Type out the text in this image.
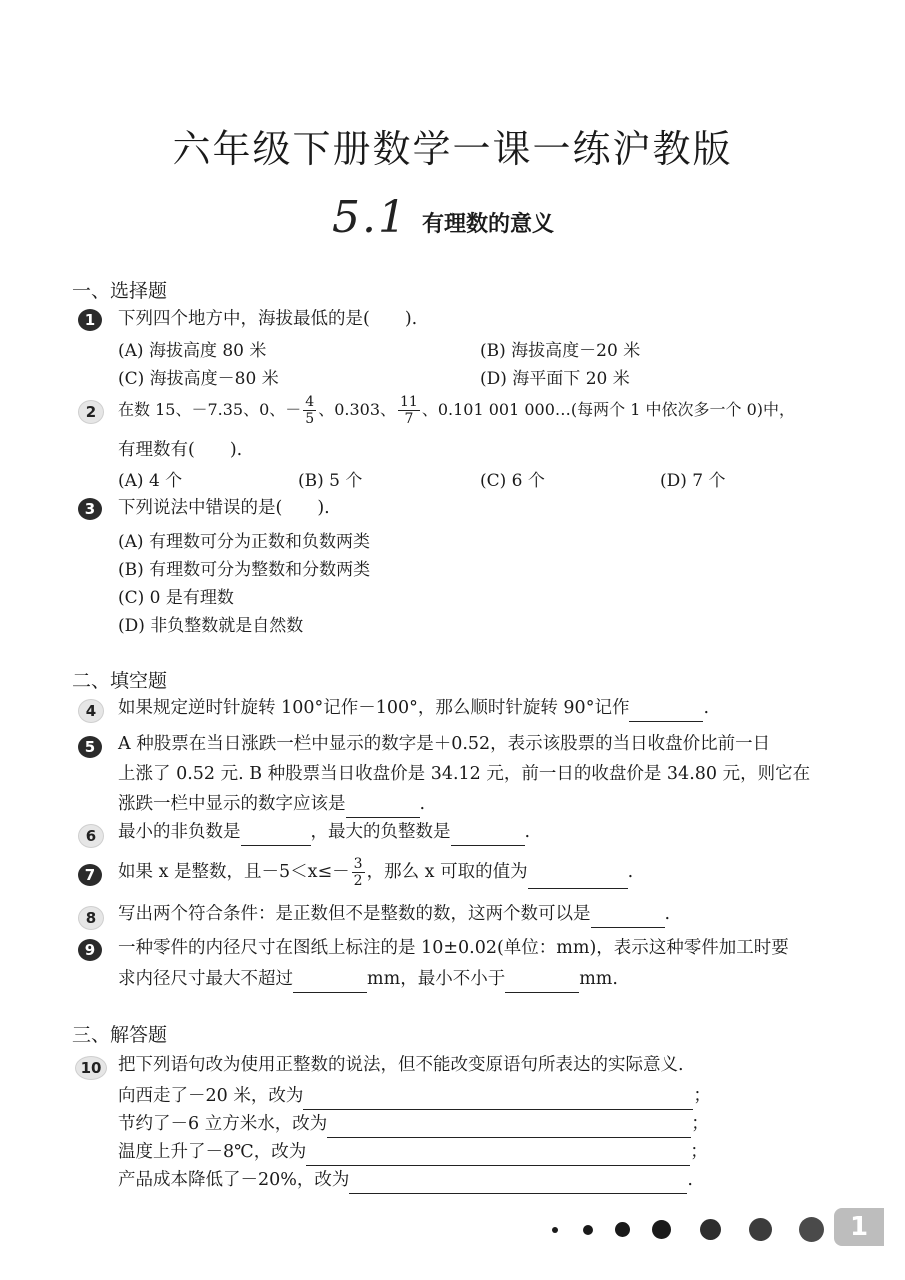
六年级下册数学一课一练沪教版
5.1 有理数的意义
一、选择题
1	下列四个地方中，海拔最低的是(　　).
(A) 海拔高度 80 米	(B) 海拔高度－20 米
(C) 海拔高度－80 米	(D) 海平面下 20 米
2	在数 15、－7.35、0、－ $\frac{4}{5}$ 、0.303、 $\frac{11}{7}$ 、0.101 001 000…(每两个 1 中依次多一个 0)中，
有理数有(　　).
(A) 4 个	(B) 5 个	(C) 6 个	(D) 7 个
3	下列说法中错误的是(　　).
(A) 有理数可分为正数和负数两类
(B) 有理数可分为整数和分数两类
(C) 0 是有理数
(D) 非负整数就是自然数
二、填空题
4	如果规定逆时针旋转 100°记作－100°，那么顺时针旋转 90°记作	.
5	A 种股票在当日涨跌一栏中显示的数字是＋0.52，表示该股票的当日收盘价比前一日
上涨了 0.52 元. B 种股票当日收盘价是 34.12 元，前一日的收盘价是 34.80 元，则它在
涨跌一栏中显示的数字应该是	.
6	最小的非负数是	，最大的负整数是	.
7	如果 x 是整数，且$-5<x\le- \frac{3}{2}$ ，那么 x 可取的值为	.
8	写出两个符合条件：是正数但不是整数的数，这两个数可以是	.
9	一种零件的内径尺寸在图纸上标注的是 10±0.02(单位：mm)，表示这种零件加工时要
求内径尺寸最大不超过	mm，最小不小于	mm.
三、解答题
10 把下列语句改为使用正整数的说法，但不能改变原语句所表达的实际意义.
向西走了－20 米，改为	；
节约了－6 立方米水，改为	；
温度上升了－8℃，改为	；
产品成本降低了－20%，改为	.
1
